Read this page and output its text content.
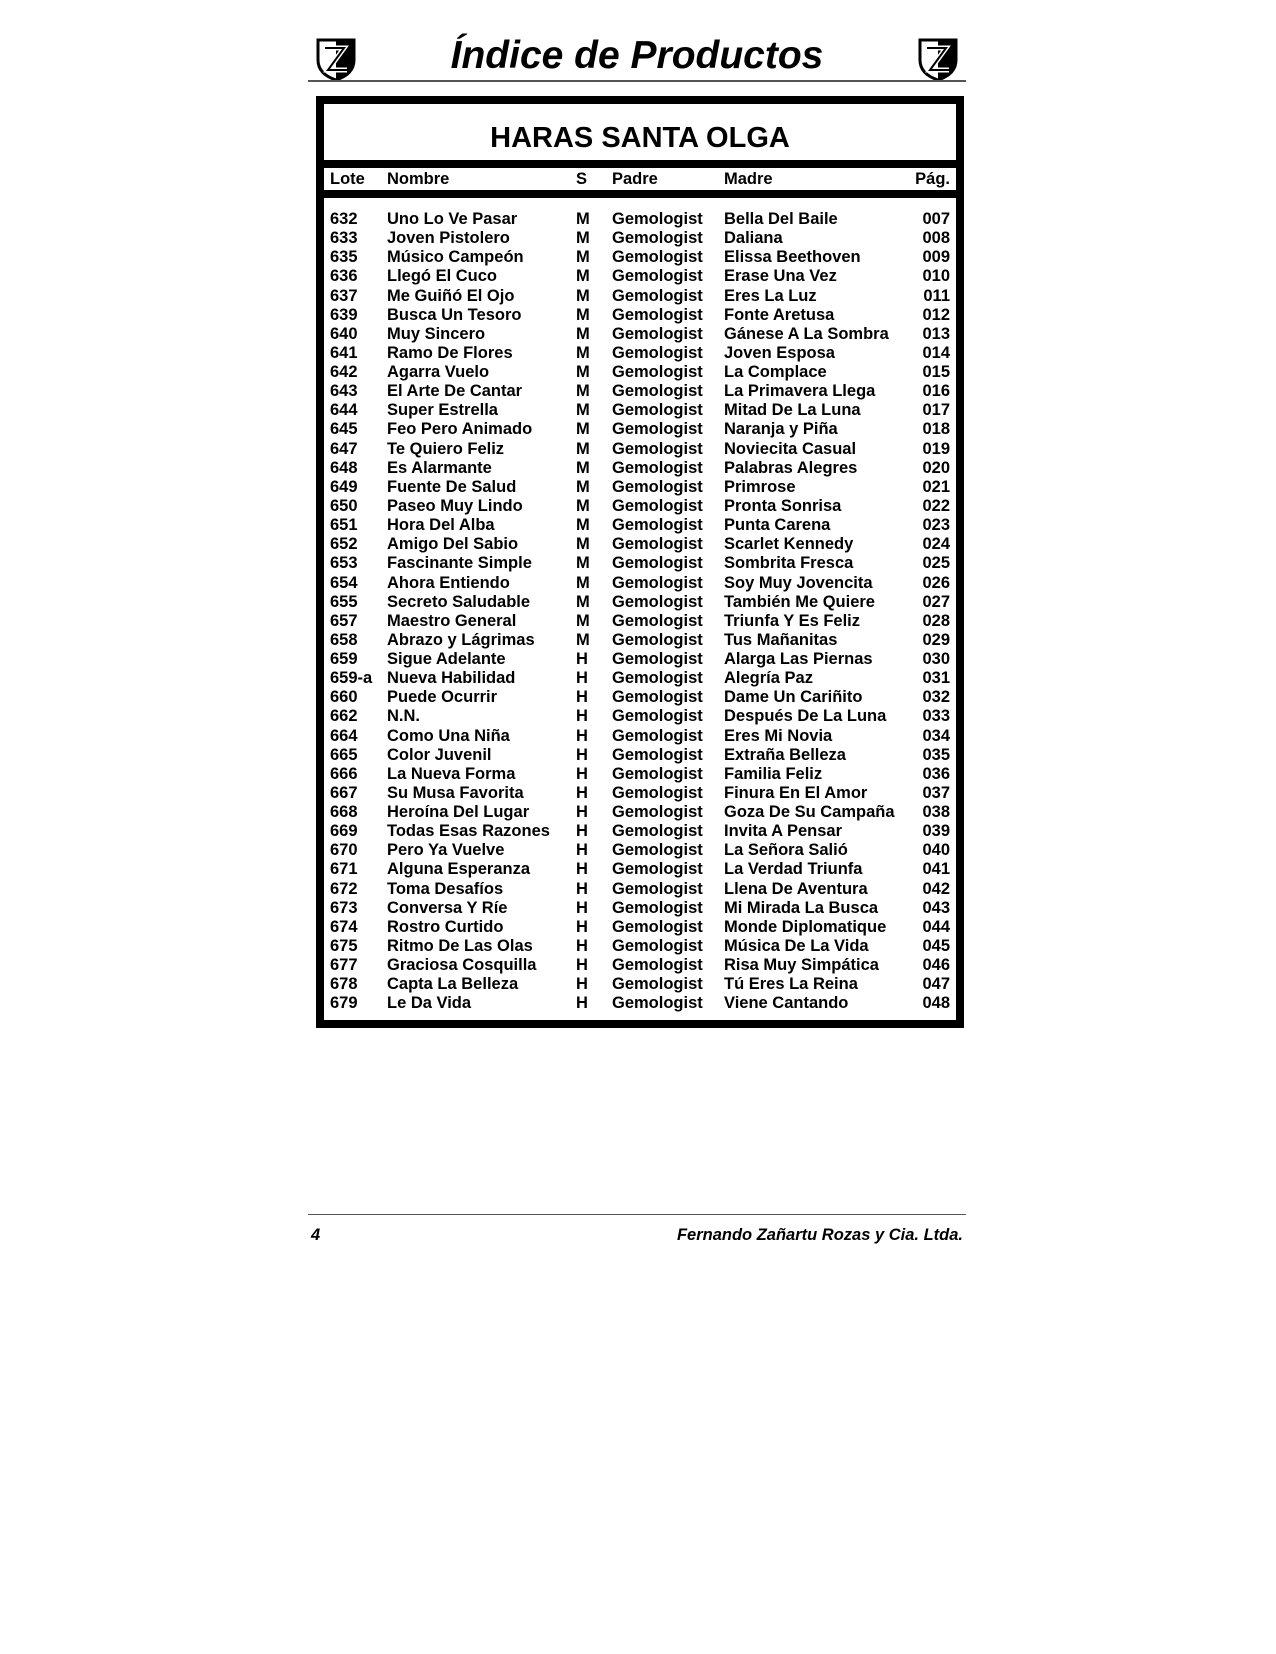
Índice de Productos
HARAS SANTA OLGA
Lote Nombre	S Padre	Madre	Pág.
632 Uno Lo Ve Pasar	M Gemologist Bella Del Baile	007
633 Joven Pistolero	M Gemologist Daliana	008
635 Músico Campeón	M Gemologist Elissa Beethoven	009
636 Llegó El Cuco	M Gemologist Erase Una Vez	010
637 Me Guiñó El Ojo	M Gemologist Eres La Luz	011
639 Busca Un Tesoro	M Gemologist Fonte Aretusa	012
640 Muy Sincero	M Gemologist Gánese A La Sombra 013
641 Ramo De Flores	M Gemologist Joven Esposa	014
642 Agarra Vuelo	M Gemologist La Complace	015
643 El Arte De Cantar	M Gemologist La Primavera Llega	016
644 Super Estrella	M Gemologist Mitad De La Luna	017
645 Feo Pero Animado	M Gemologist Naranja y Piña	018
647 Te Quiero Feliz	M Gemologist Noviecita Casual	019
648 Es Alarmante	M Gemologist Palabras Alegres	020
649 Fuente De Salud	M Gemologist Primrose	021
650 Paseo Muy Lindo	M Gemologist Pronta Sonrisa	022
651 Hora Del Alba	M Gemologist Punta Carena	023
652 Amigo Del Sabio	M Gemologist Scarlet Kennedy	024
653 Fascinante Simple	M Gemologist Sombrita Fresca	025
654 Ahora Entiendo	M Gemologist Soy Muy Jovencita	026
655 Secreto Saludable	M Gemologist También Me Quiere	027
657 Maestro General	M Gemologist Triunfa Y Es Feliz	028
658 Abrazo y Lágrimas	M Gemologist Tus Mañanitas	029
659 Sigue Adelante	H Gemologist Alarga Las Piernas	030
659-a Nueva Habilidad	H Gemologist Alegría Paz	031
660 Puede Ocurrir	H Gemologist Dame Un Cariñito	032
662 N.N.	H Gemologist Después De La Luna 033
664 Como Una Niña	H Gemologist Eres Mi Novia	034
665 Color Juvenil	H Gemologist Extraña Belleza	035
666 La Nueva Forma	H Gemologist Familia Feliz	036
667 Su Musa Favorita	H Gemologist Finura En El Amor	037
668 Heroína Del Lugar	H Gemologist Goza De Su Campaña 038
669 Todas Esas Razones H Gemologist Invita A Pensar	039
670 Pero Ya Vuelve	H Gemologist La Señora Salió	040
671 Alguna Esperanza	H Gemologist La Verdad Triunfa	041
672 Toma Desafíos	H Gemologist Llena De Aventura	042
673 Conversa Y Ríe	H Gemologist Mi Mirada La Busca	043
674 Rostro Curtido	H Gemologist Monde Diplomatique 044
675 Ritmo De Las Olas	H Gemologist Música De La Vida	045
677 Graciosa Cosquilla H Gemologist Risa Muy Simpática	046
678 Capta La Belleza	H Gemologist Tú Eres La Reina	047
679 Le Da Vida	H Gemologist Viene Cantando	048
4	Fernando Zañartu Rozas y Cia. Ltda.
